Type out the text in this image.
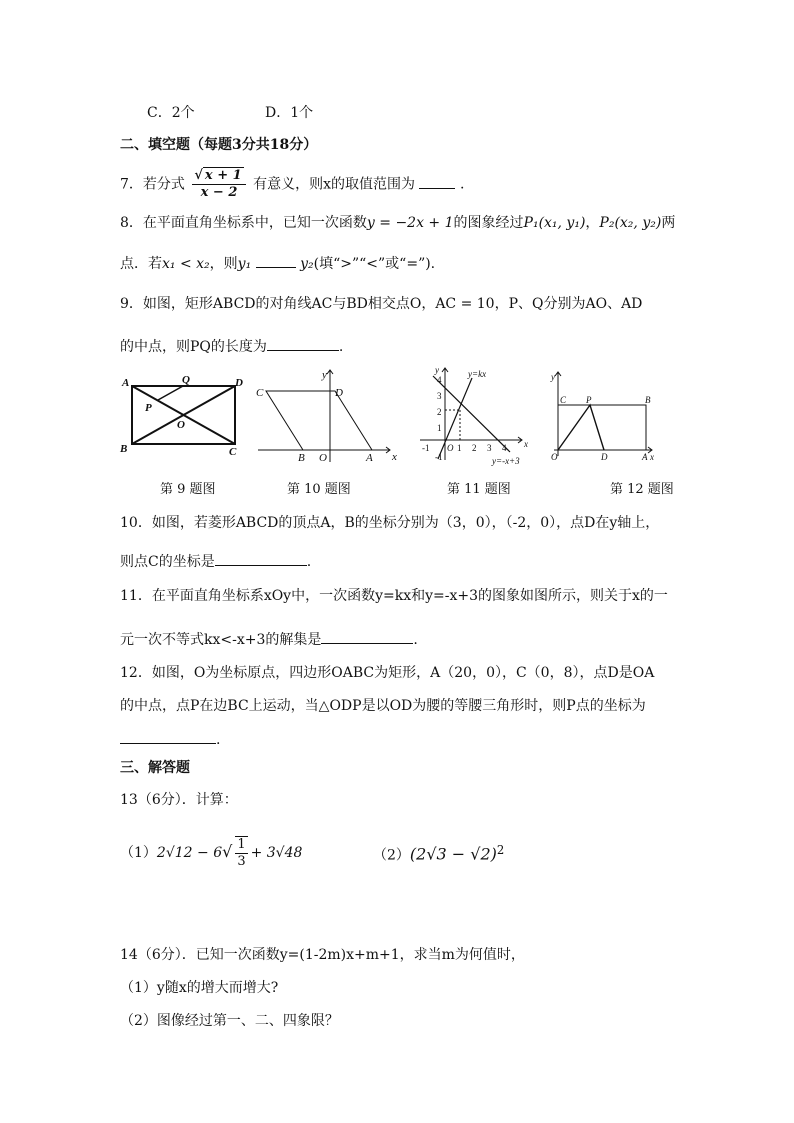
C．2个	D．1个
二、填空题（每题3分共18分）
7．若分式 $\frac{√ x + 1}{x - 2}$ 有意义，则x的取值范围为	.
8．在平面直角坐标系中，已知一次函数y = −2x + 1的图象经过P₁(x₁, y₁)，P₂(x₂, y₂)两
点．若x₁ < x₂，则y₁	y₂(填“>”“<”或“=”).
9．如图，矩形ABCD的对角线AC与BD相交点O，AC = 10，P、Q分别为AO、AD
的中点，则PQ的长度为	.
A
B	C
D
Q
P
O
第 9 题图
C	D
B O	A x
y
第 10 题图
y=kx
y=-x+3
x
y
O
4
3
2
1
-1
1 2 3 4
-1
第 11 题图
C P	B
O	D	A x
y
第 12 题图
10．如图，若菱形ABCD的顶点A，B的坐标分别为（3，0），（-2，0），点D在y轴上，
则点C的坐标是	.
11．在平面直角坐标系xOy中，一次函数y=kx和y=-x+3的图象如图所示，则关于x的一
元一次不等式kx<-x+3的解集是	.
12．如图，O为坐标原点，四边形OABC为矩形，A（20，0），C（0，8），点D是OA
的中点，点P在边BC上运动，当△ODP是以OD为腰的等腰三角形时，则P点的坐标为
.
三、解答题
13（6分）．计算：
$(1)2√12 - 6√ \frac{1}{3} + 3√48$	$(2)(2√3 - √2)^2$
14（6分）．已知一次函数y=(1-2m)x+m+1，求当m为何值时，
（1）y随x的增大而增大?
（2）图像经过第一、二、四象限？
